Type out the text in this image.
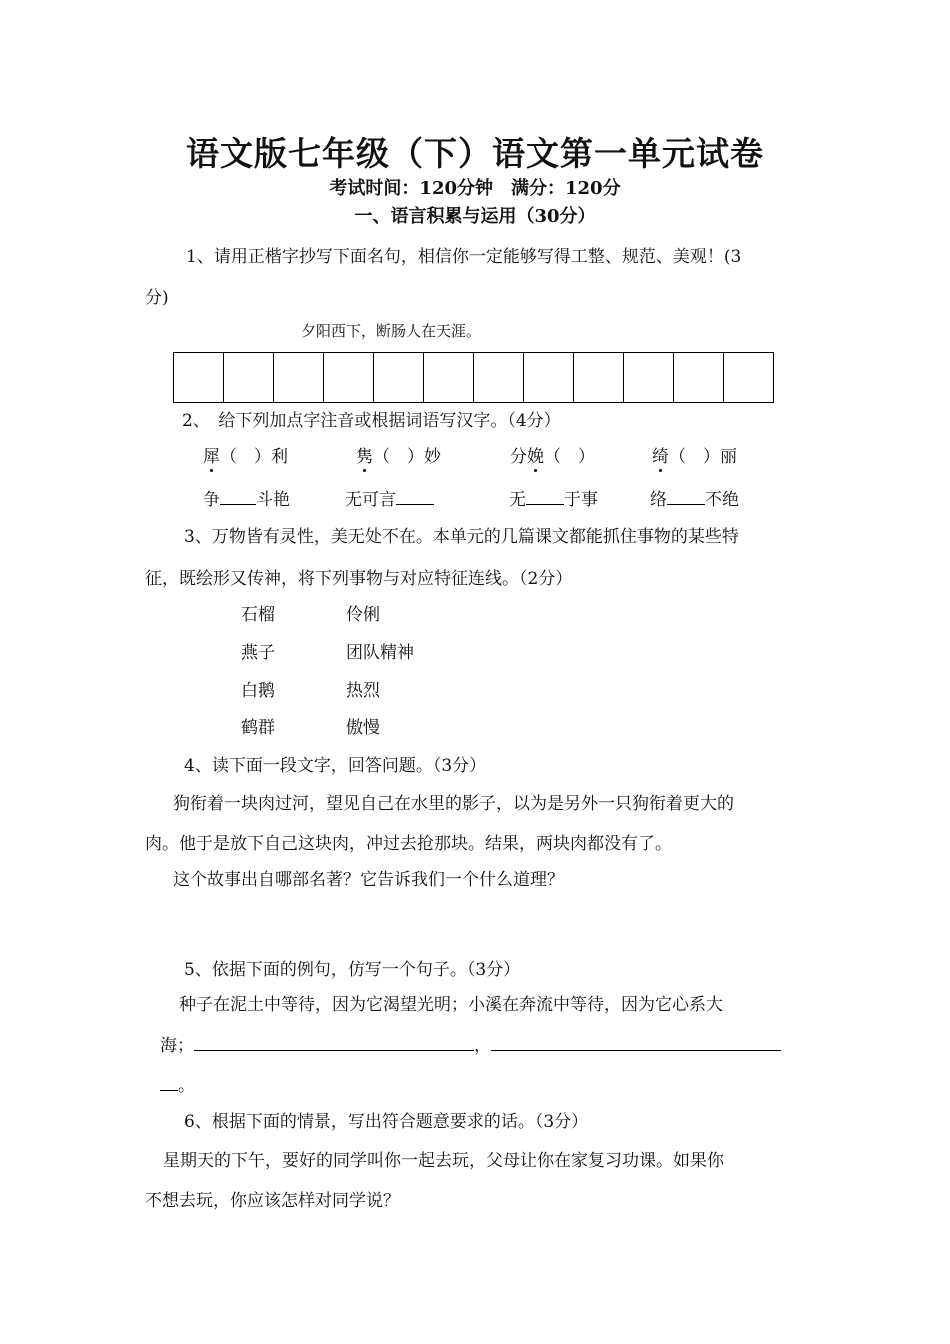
语文版七年级（下）语文第一单元试卷
考试时间：120分钟　满分：120分
一、语言积累与运用（30分）
1、请用正楷字抄写下面名句，相信你一定能够写得工整、规范、美观！(3
分)
夕阳西下，断肠人在天涯。
2、　给下列加点字注音或根据词语写汉字。（4分）
犀（　）利	隽（　）妙	分娩（　）	绮（　）丽
争 斗艳	无可言	无 于事	络 不绝
3、万物皆有灵性，美无处不在。本单元的几篇课文都能抓住事物的某些特
征，既绘形又传神，将下列事物与对应特征连线。（2分）
石榴	伶俐
燕子	团队精神
白鹅	热烈
鹤群	傲慢
4、读下面一段文字，回答问题。（3分）
狗衔着一块肉过河，望见自己在水里的影子，以为是另外一只狗衔着更大的
肉。他于是放下自己这块肉，冲过去抢那块。结果，两块肉都没有了。
这个故事出自哪部名著？它告诉我们一个什么道理？
5、依据下面的例句，仿写一个句子。（3分）
种子在泥土中等待，因为它渴望光明；小溪在奔流中等待，因为它心系大
海；	，
。
6、根据下面的情景，写出符合题意要求的话。（3分）
星期天的下午，要好的同学叫你一起去玩，父母让你在家复习功课。如果你
不想去玩，你应该怎样对同学说？
